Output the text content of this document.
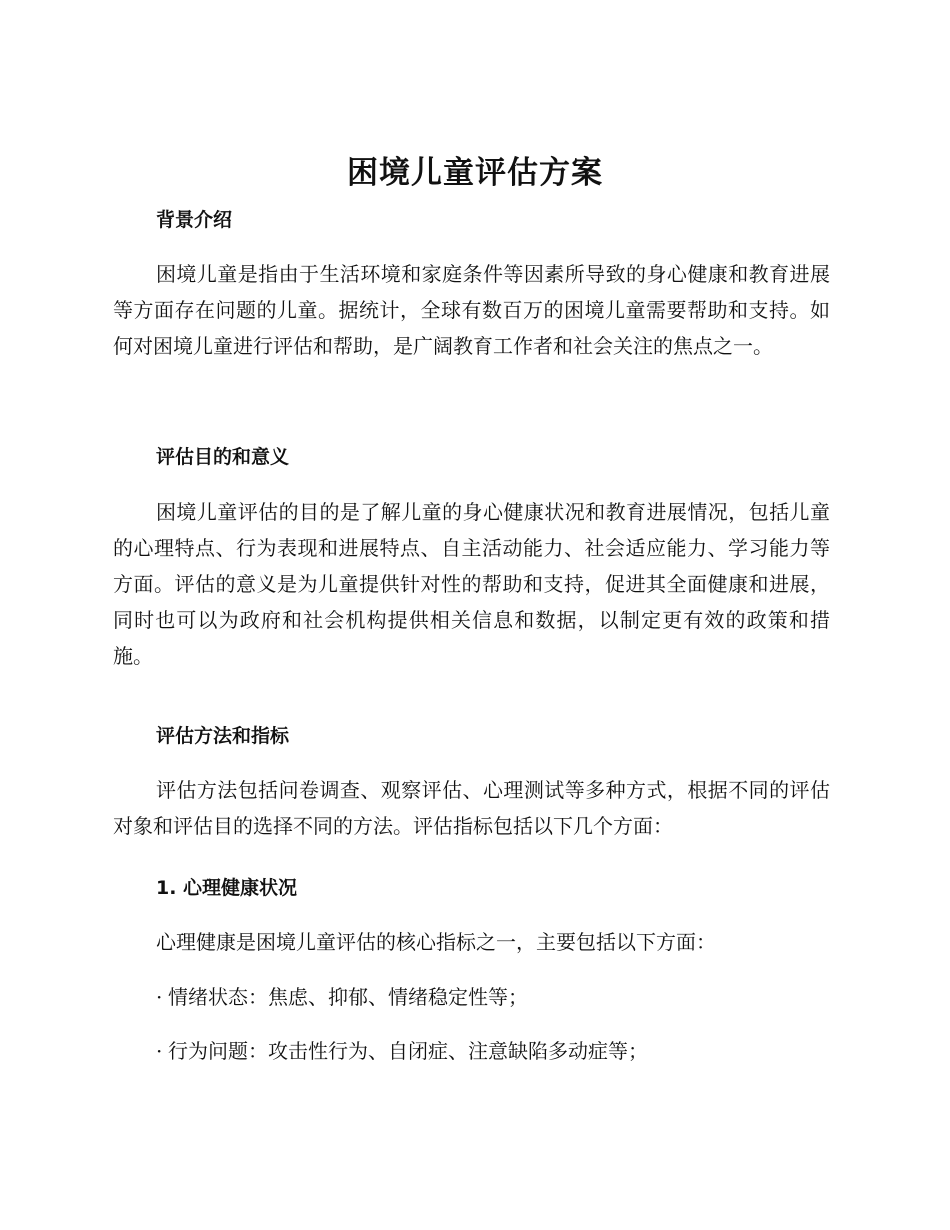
困境儿童评估方案
背景介绍

困境儿童是指由于生活环境和家庭条件等因素所导致的身心健康和教育进展等方面存在问题的儿童。据统计，全球有数百万的困境儿童需要帮助和支持。如何对困境儿童进行评估和帮助，是广阔教育工作者和社会关注的焦点之一。

评估目的和意义

困境儿童评估的目的是了解儿童的身心健康状况和教育进展情况，包括儿童的心理特点、行为表现和进展特点、自主活动能力、社会适应能力、学习能力等方面。评估的意义是为儿童提供针对性的帮助和支持，促进其全面健康和进展，同时也可以为政府和社会机构提供相关信息和数据，以制定更有效的政策和措施。

评估方法和指标

评估方法包括问卷调查、观察评估、心理测试等多种方式，根据不同的评估对象和评估目的选择不同的方法。评估指标包括以下几个方面：

1. 心理健康状况
心理健康是困境儿童评估的核心指标之一，主要包括以下方面：
· 情绪状态：焦虑、抑郁、情绪稳定性等；
· 行为问题：攻击性行为、自闭症、注意缺陷多动症等；
